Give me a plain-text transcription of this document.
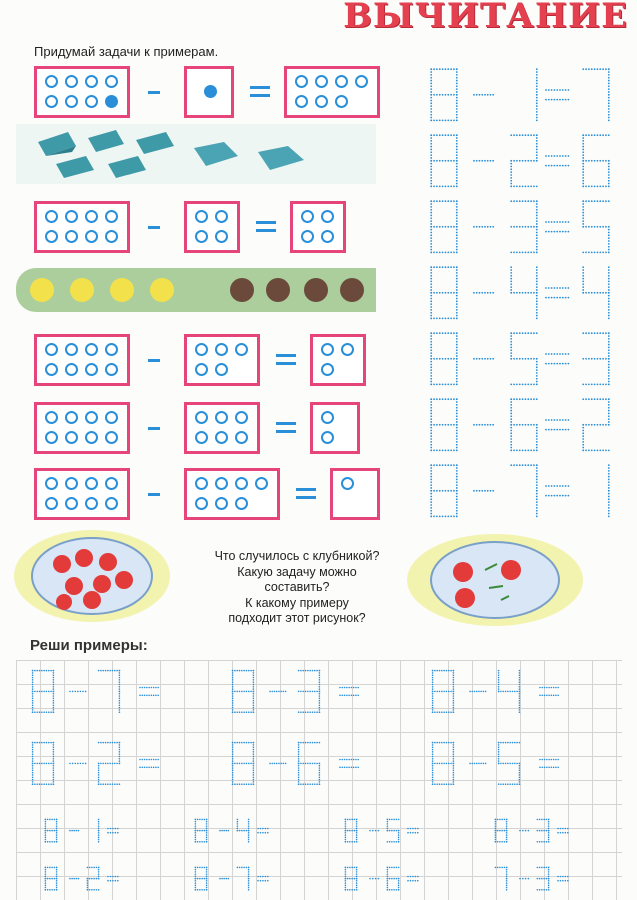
ВЫЧИТАНИЕ
Придумай задачи к примерам.
Что случилось с клубникой?
Какую задачу можно
составить?
К какому примеру
подходит этот рисунок?
Реши примеры:
